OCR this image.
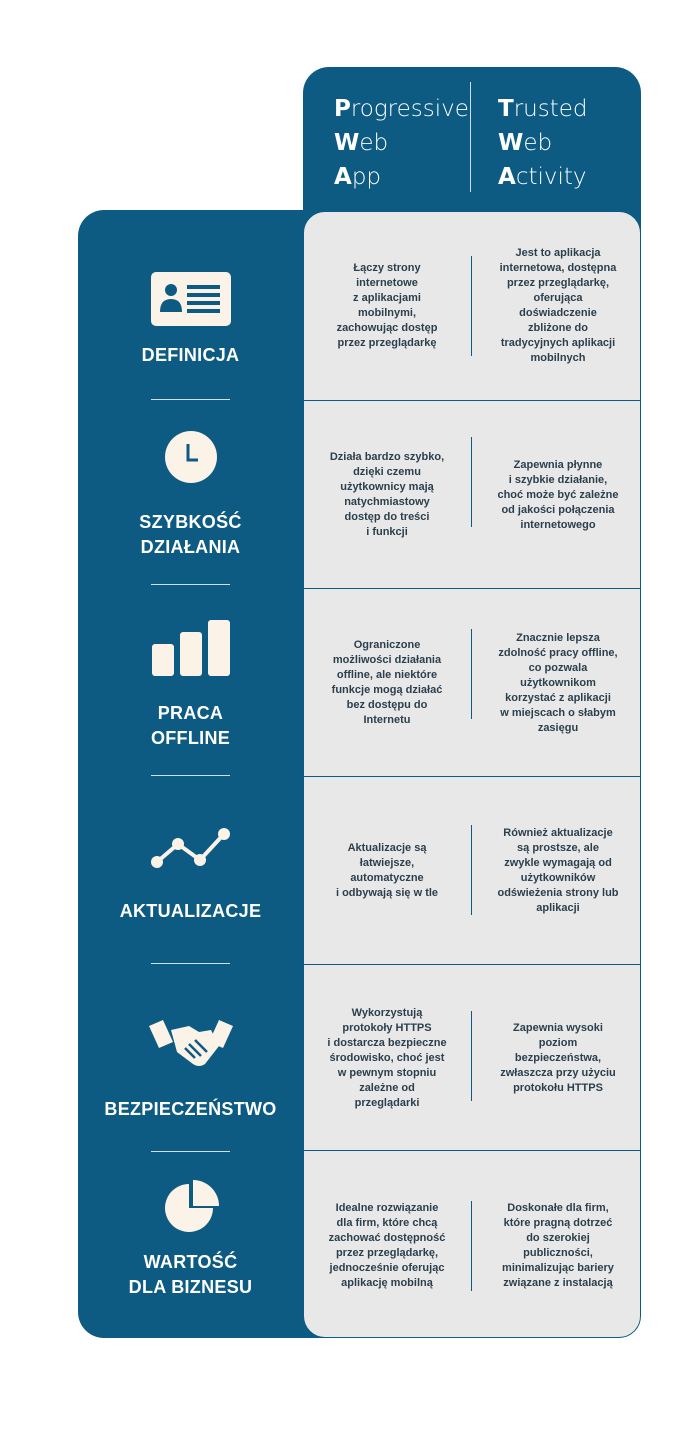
Progressive
Web
App
Trusted
Web
Activity
Łączy strony
internetowe
z aplikacjami
mobilnymi,
zachowując dostęp
przez przeglądarkę
Jest to aplikacja
internetowa, dostępna
przez przeglądarkę,
oferująca
doświadczenie
zbliżone do
tradycyjnych aplikacji
mobilnych
Działa bardzo szybko,
dzięki czemu
użytkownicy mają
natychmiastowy
dostęp do treści
i funkcji
Zapewnia płynne
i szybkie działanie,
choć może być zależne
od jakości połączenia
internetowego
Ograniczone
możliwości działania
offline, ale niektóre
funkcje mogą działać
bez dostępu do
Internetu
Znacznie lepsza
zdolność pracy offline,
co pozwala
użytkownikom
korzystać z aplikacji
w miejscach o słabym
zasięgu
Aktualizacje są
łatwiejsze,
automatyczne
i odbywają się w tle
Również aktualizacje
są prostsze, ale
zwykle wymagają od
użytkowników
odświeżenia strony lub
aplikacji
Wykorzystują
protokoły HTTPS
i dostarcza bezpieczne
środowisko, choć jest
w pewnym stopniu
zależne od
przeglądarki
Zapewnia wysoki
poziom
bezpieczeństwa,
zwłaszcza przy użyciu
protokołu HTTPS
Idealne rozwiązanie
dla firm, które chcą
zachować dostępność
przez przeglądarkę,
jednocześnie oferując
aplikację mobilną
Doskonałe dla firm,
które pragną dotrzeć
do szerokiej
publiczności,
minimalizując bariery
związane z instalacją
DEFINICJA
SZYBKOŚĆ
DZIAŁANIA
PRACA
OFFLINE
AKTUALIZACJE
BEZPIECZEŃSTWO
WARTOŚĆ
DLA BIZNESU
